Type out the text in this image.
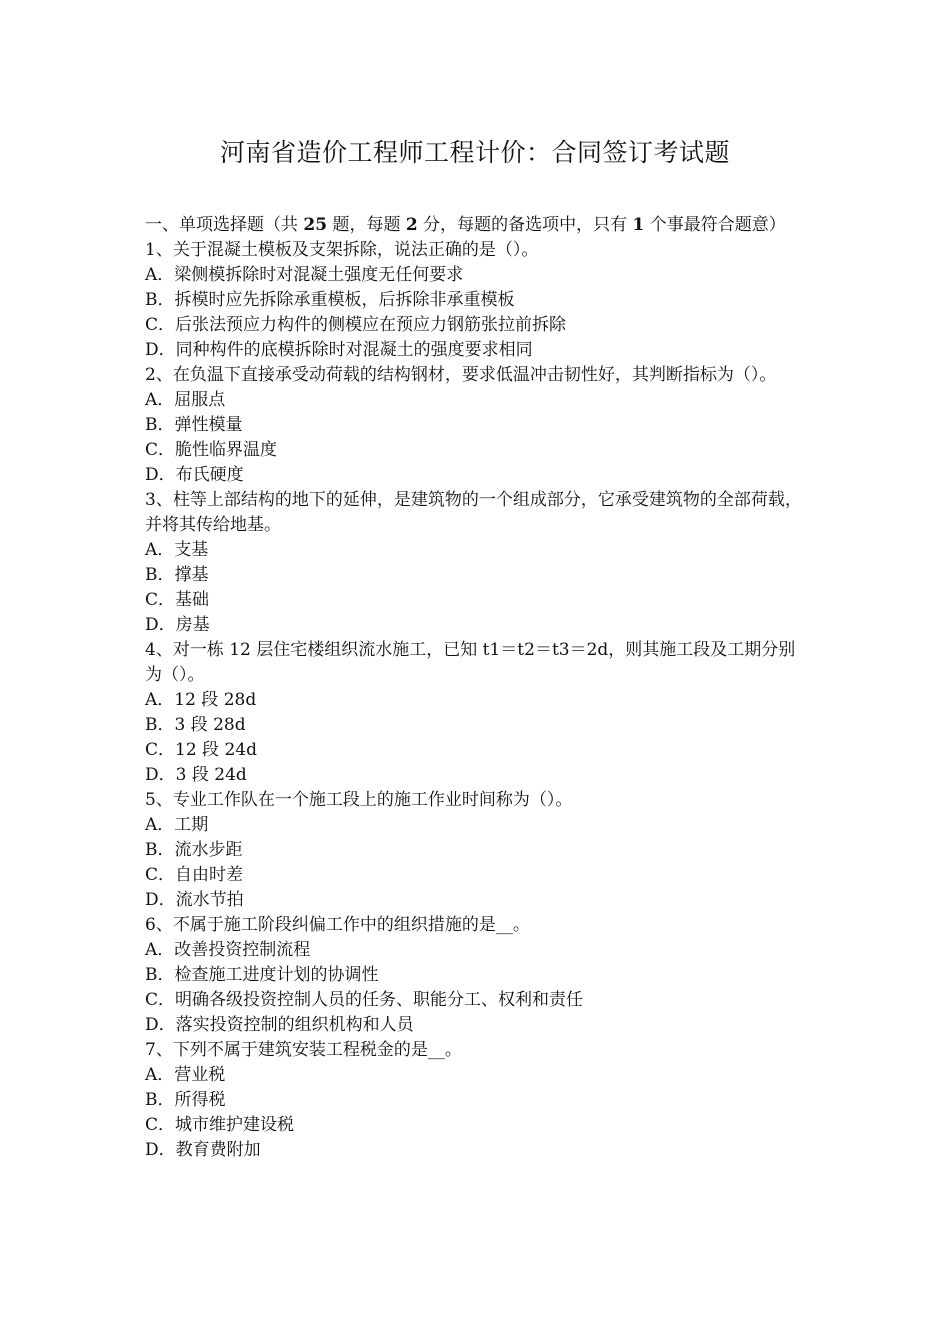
河南省造价工程师工程计价：合同签订考试题
一、单项选择题（共 25 题，每题 2 分，每题的备选项中，只有 1 个事最符合题意）
1、关于混凝土模板及支架拆除，说法正确的是（）。
A．梁侧模拆除时对混凝土强度无任何要求
B．拆模时应先拆除承重模板，后拆除非承重模板
C．后张法预应力构件的侧模应在预应力钢筋张拉前拆除
D．同种构件的底模拆除时对混凝土的强度要求相同
2、在负温下直接承受动荷载的结构钢材，要求低温冲击韧性好，其判断指标为（）。
A．屈服点
B．弹性模量
C．脆性临界温度
D．布氏硬度
3、柱等上部结构的地下的延伸，是建筑物的一个组成部分，它承受建筑物的全部荷载，并将其传给地基。
A．支基
B．撑基
C．基础
D．房基
4、对一栋 12 层住宅楼组织流水施工，已知 t1＝t2＝t3＝2d，则其施工段及工期分别为（）。
A．12 段 28d
B．3 段 28d
C．12 段 24d
D．3 段 24d
5、专业工作队在一个施工段上的施工作业时间称为（）。
A．工期
B．流水步距
C．自由时差
D．流水节拍
6、不属于施工阶段纠偏工作中的组织措施的是__。
A．改善投资控制流程
B．检查施工进度计划的协调性
C．明确各级投资控制人员的任务、职能分工、权利和责任
D．落实投资控制的组织机构和人员
7、下列不属于建筑安装工程税金的是__。
A．营业税
B．所得税
C．城市维护建设税
D．教育费附加
